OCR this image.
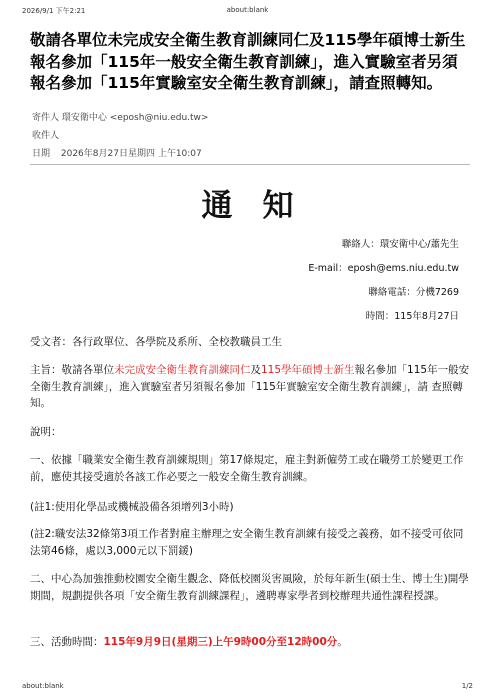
2026/9/1 下午2:21	about:blank
敬請各單位未完成安全衛生教育訓練同仁及115學年碩博士新生報名參加「115年一般安全衛生教育訓練」，進入實驗室者另須報名參加「115年實驗室安全衛生教育訓練」，請查照轉知。
寄件人 環安衛中心 <eposh@niu.edu.tw>
收件人
日期 2026年8月27日星期四 上午10:07
通知
聯絡人：環安衛中心/蕭先生
E-mail：eposh@ems.niu.edu.tw
聯絡電話：分機7269
時間：115年8月27日
受文者：各行政單位、各學院及系所、全校教職員工生
主旨：敬請各單位未完成安全衛生教育訓練同仁及115學年碩博士新生報名參加「115年一般安全衛生教育訓練」，進入實驗室者另須報名參加「115年實驗室安全衛生教育訓練」，請 查照轉知。
說明：
一、依據「職業安全衛生教育訓練規則」第17條規定，雇主對新僱勞工或在職勞工於變更工作前，應使其接受適於各該工作必要之一般安全衛生教育訓練。
(註1:使用化學品或機械設備各須增列3小時)
(註2:職安法32條第3項工作者對雇主辦理之安全衛生教育訓練有接受之義務，如不接受可依同法第46條，處以3,000元以下罰鍰)
二、中心為加強推動校園安全衛生觀念、降低校園災害風險，於每年新生(碩士生、博士生)開學期間，規劃提供各項「安全衛生教育訓練課程」，遴聘專家學者到校辦理共通性課程授課。
三、活動時間：115年9月9日(星期三)上午9時00分至12時00分。
about:blank	1/2
